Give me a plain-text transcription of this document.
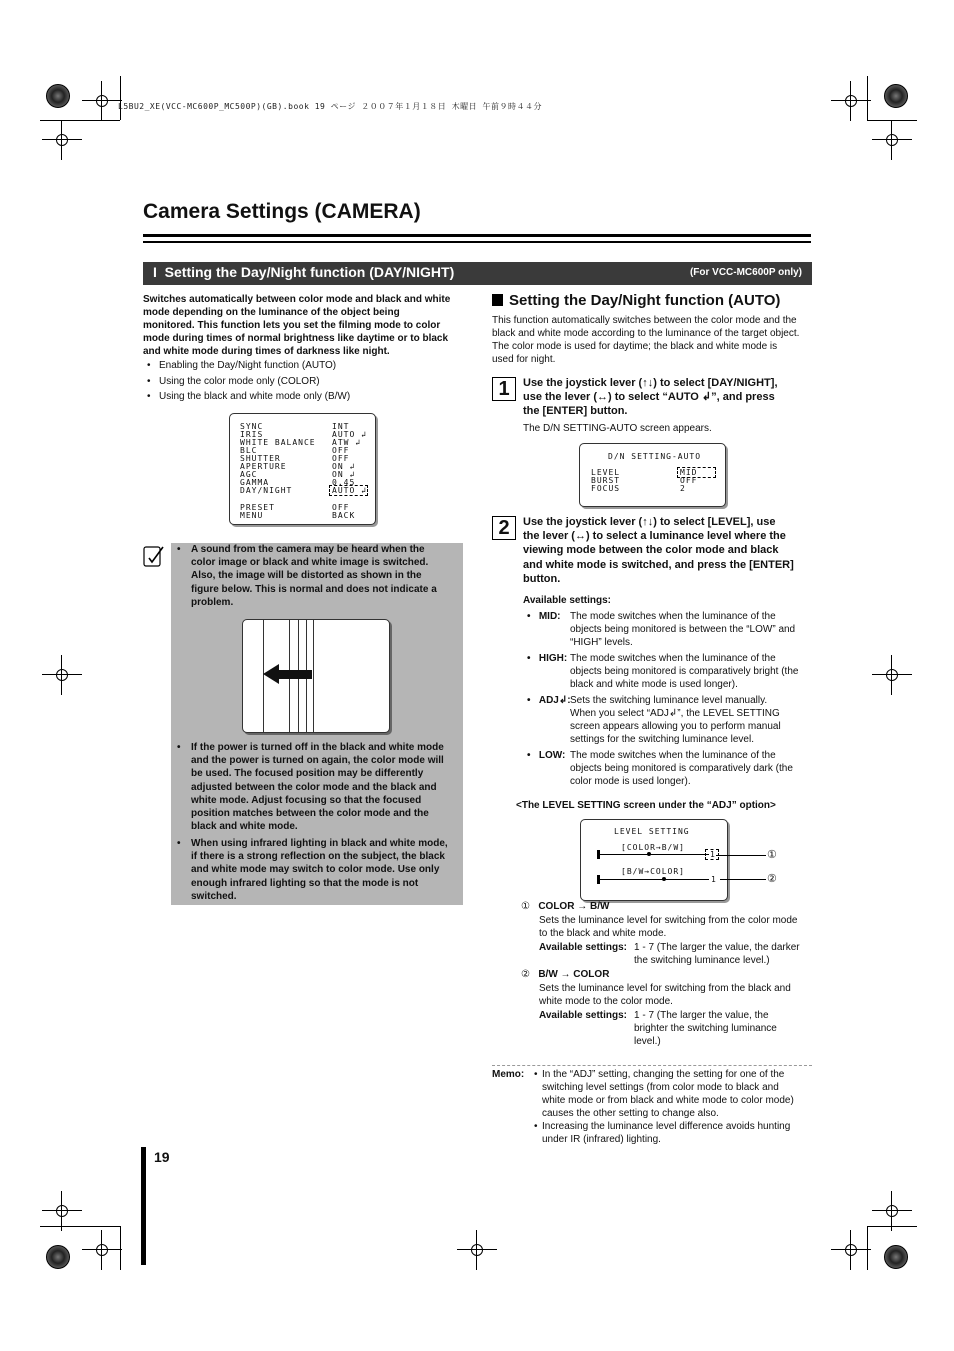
L5BU2_XE(VCC-MC600P_MC500P)(GB).book 19 ページ ２００７年１月１８日 木曜日 午前９時４４分
Camera Settings (CAMERA)
I  Setting the Day/Night function (DAY/NIGHT)	(For VCC-MC600P only)
Switches automatically between color mode and black and white
mode depending on the luminance of the object being
monitored. This function lets you set the filming mode to color
mode during times of normal brightness like daytime or to black
and white mode during times of darkness like night.
• Enabling the Day/Night function (AUTO)
• Using the color mode only (COLOR)
• Using the black and white mode only (B/W)
SYNC	INT
IRIS	AUTO ↲
WHITE BALANCE ATW ↲
BLC	OFF
SHUTTER	OFF
APERTURE	ON ↲
AGC	ON ↲
GAMMA	0.45
DAY/NIGHT	AUTO ↲
PRESET	OFF
MENU	BACK
• A sound from the camera may be heard when the
color image or black and white image is switched.
Also, the image will be distorted as shown in the
figure below. This is normal and does not indicate a
problem.
• If the power is turned off in the black and white mode
and the power is turned on again, the color mode will
be used. The focused position may be differently
adjusted between the color mode and the black and
white mode. Adjust focusing so that the focused
position matches between the color mode and the
black and white mode.
• When using infrared lighting in black and white mode,
if there is a strong reflection on the subject, the black
and white mode may switch to color mode. Use only
enough infrared lighting so that the mode is not
switched.
Setting the Day/Night function (AUTO)
This function automatically switches between the color mode and the
black and white mode according to the luminance of the target object.
The color mode is used for daytime; the black and white mode is
used for night.
1	Use the joystick lever (↑↓) to select [DAY/NIGHT],
use the lever (↔) to select “AUTO ↲”, and press
the [ENTER] button.
The D/N SETTING-AUTO screen appears.
D/N SETTING-AUTO
LEVEL	MID
BURST	OFF
FOCUS	2
2	Use the joystick lever (↑↓) to select [LEVEL], use
the lever (↔) to select a luminance level where the
viewing mode between the color mode and black
and white mode is switched, and press the [ENTER]
button.
Available settings:
•   MID: The mode switches when the luminance of the
objects being monitored is between the “LOW” and
“HIGH” levels.
•   HIGH: The mode switches when the luminance of the
objects being monitored is comparatively bright (the
black and white mode is used longer).
•   ADJ↲: Sets the switching luminance level manually.
When you select “ADJ↲”, the LEVEL SETTING
screen appears allowing you to perform manual
settings for the switching luminance level.
•   LOW: The mode switches when the luminance of the
objects being monitored is comparatively dark (the
color mode is used longer).
<The LEVEL SETTING screen under the “ADJ” option>
LEVEL SETTING
[COLOR→B/W]
1
[B/W→COLOR]
1
①
②
① COLOR → B/W
Sets the luminance level for switching from the color mode
to the black and white mode.
Available settings: 1 - 7 (The larger the value, the darker
the switching luminance level.)
② B/W → COLOR
Sets the luminance level for switching from the black and
white mode to the color mode.
Available settings: 1 - 7 (The larger the value, the
brighter the switching luminance
level.)
Memo: • In the “ADJ” setting, changing the setting for one of the
switching level settings (from color mode to black and
white mode or from black and white mode to color mode)
causes the other setting to change also.
• Increasing the luminance level difference avoids hunting
under IR (infrared) lighting.
19
